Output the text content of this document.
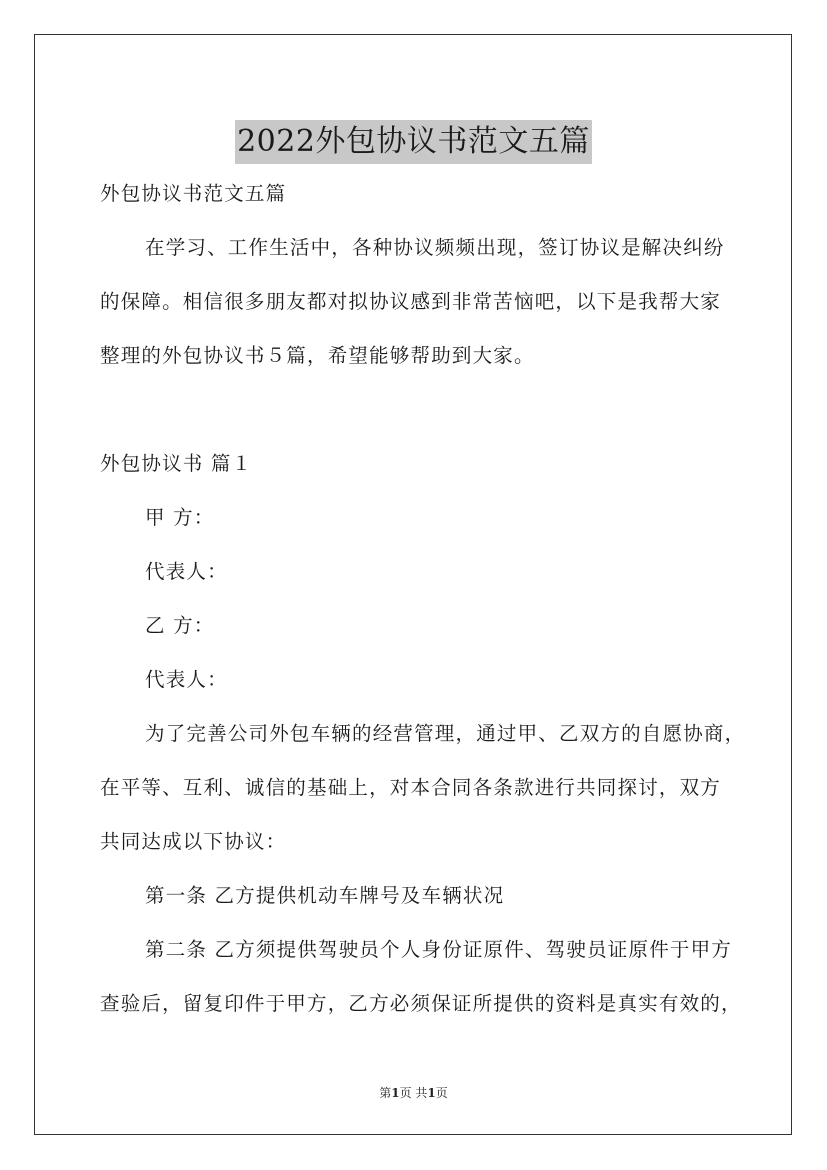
2022外包协议书范文五篇
外包协议书范文五篇
在学习、工作生活中，各种协议频频出现，签订协议是解决纠纷
的保障。相信很多朋友都对拟协议感到非常苦恼吧，以下是我帮大家
整理的外包协议书５篇，希望能够帮助到大家。
外包协议书 篇１
甲 方：
代表人：
乙 方：
代表人：
为了完善公司外包车辆的经营管理，通过甲、乙双方的自愿协商，
在平等、互利、诚信的基础上，对本合同各条款进行共同探讨，双方
共同达成以下协议：
第一条 乙方提供机动车牌号及车辆状况
第二条 乙方须提供驾驶员个人身份证原件、驾驶员证原件于甲方
查验后，留复印件于甲方，乙方必须保证所提供的资料是真实有效的，
第1页 共1页
